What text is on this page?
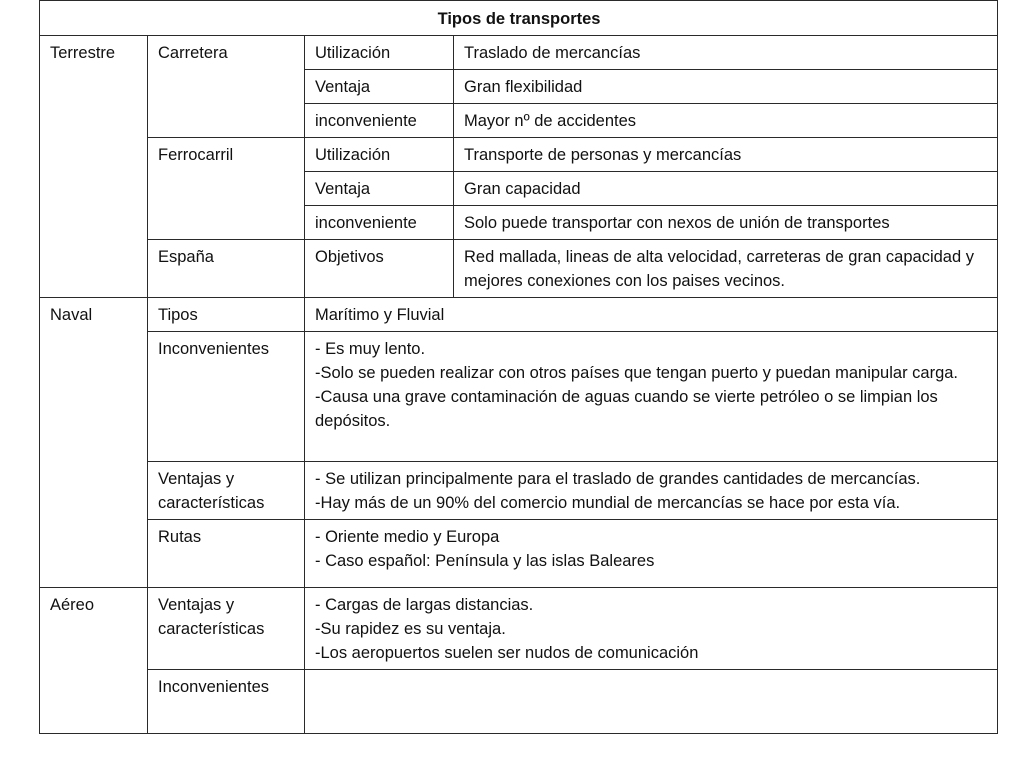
Tipos de transportes			
Terrestre	Carretera	Utilización	Traslado de mercancías
		Ventaja	Gran flexibilidad
		inconveniente	Mayor nº de accidentes
	Ferrocarril	Utilización	Transporte de personas y mercancías
		Ventaja	Gran capacidad
		inconveniente	Solo puede transportar con nexos de unión de transportes
	España	Objetivos	Red mallada, lineas de alta velocidad, carreteras de gran capacidad y mejores conexiones con los paises vecinos.
Naval	Tipos	Marítimo y Fluvial	
	Inconvenientes	- Es muy lento.
-Solo se pueden realizar con otros países que tengan puerto y puedan manipular carga.
-Causa una grave contaminación de aguas cuando se vierte petróleo o se limpian los depósitos.	
	Ventajas y
características	- Se utilizan principalmente para el traslado de grandes cantidades de mercancías.
-Hay más de un 90% del comercio mundial de mercancías se hace por esta vía.	
	Rutas	- Oriente medio y Europa
- Caso español: Península y las islas Baleares	
Aéreo	Ventajas y
características	- Cargas de largas distancias.
-Su rapidez es su ventaja.
-Los aeropuertos suelen ser nudos de comunicación	
	Inconvenientes		
